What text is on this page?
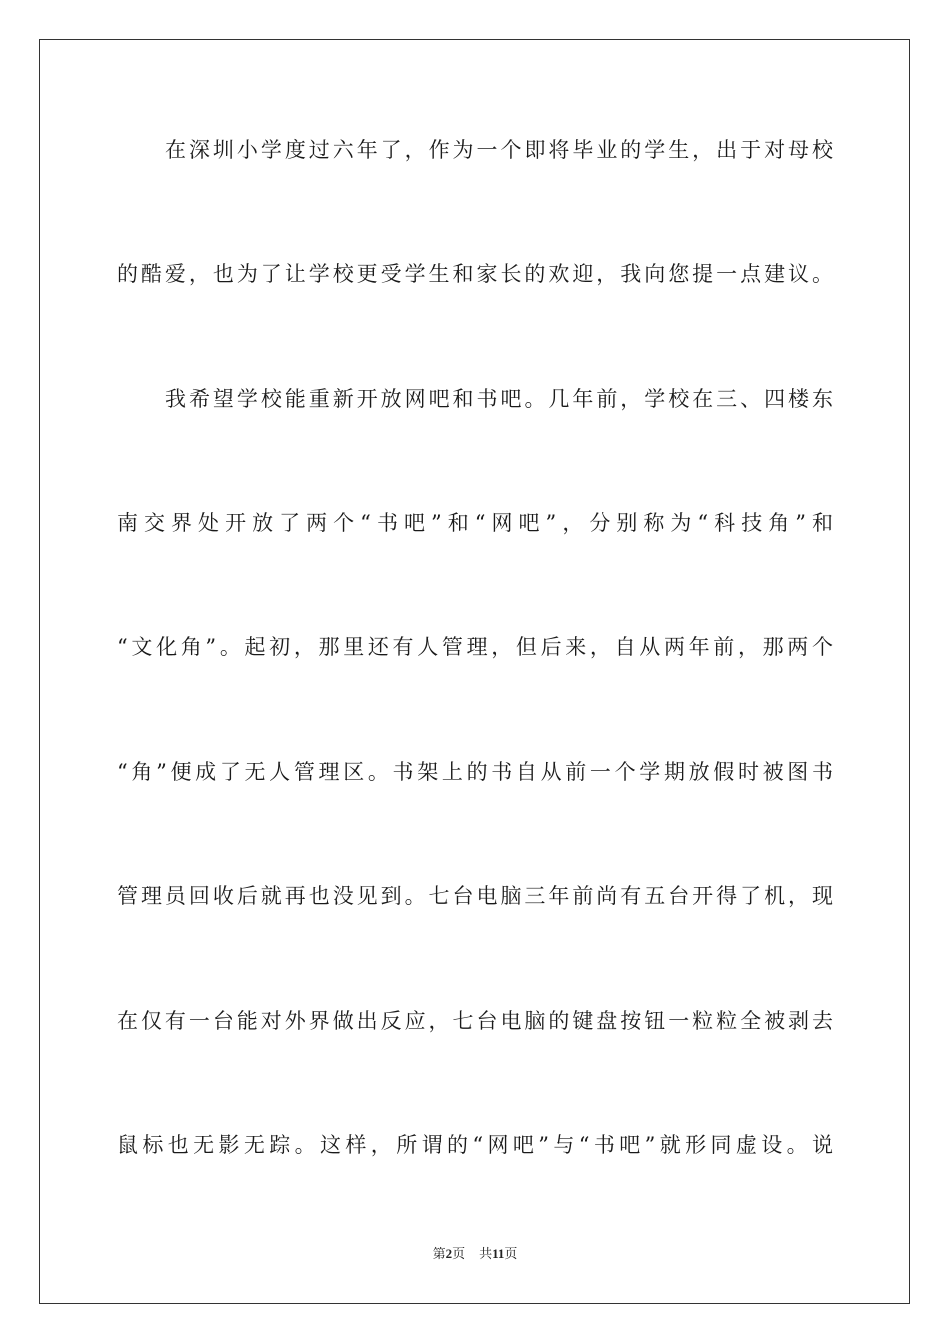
在深圳小学度过六年了，作为一个即将毕业的学生，出于对母校
的酷爱，也为了让学校更受学生和家长的欢迎，我向您提一点建议。
我希望学校能重新开放网吧和书吧。几年前，学校在三、四楼东
南交界处开放了两个“书吧”和“网吧”，分别称为“科技角”和
“文化角”。起初，那里还有人管理，但后来，自从两年前，那两个
“角”便成了无人管理区。书架上的书自从前一个学期放假时被图书
管理员回收后就再也没见到。七台电脑三年前尚有五台开得了机，现
在仅有一台能对外界做出反应，七台电脑的键盘按钮一粒粒全被剥去
鼠标也无影无踪。这样，所谓的“网吧”与“书吧”就形同虚设。说
第2页 共11页
